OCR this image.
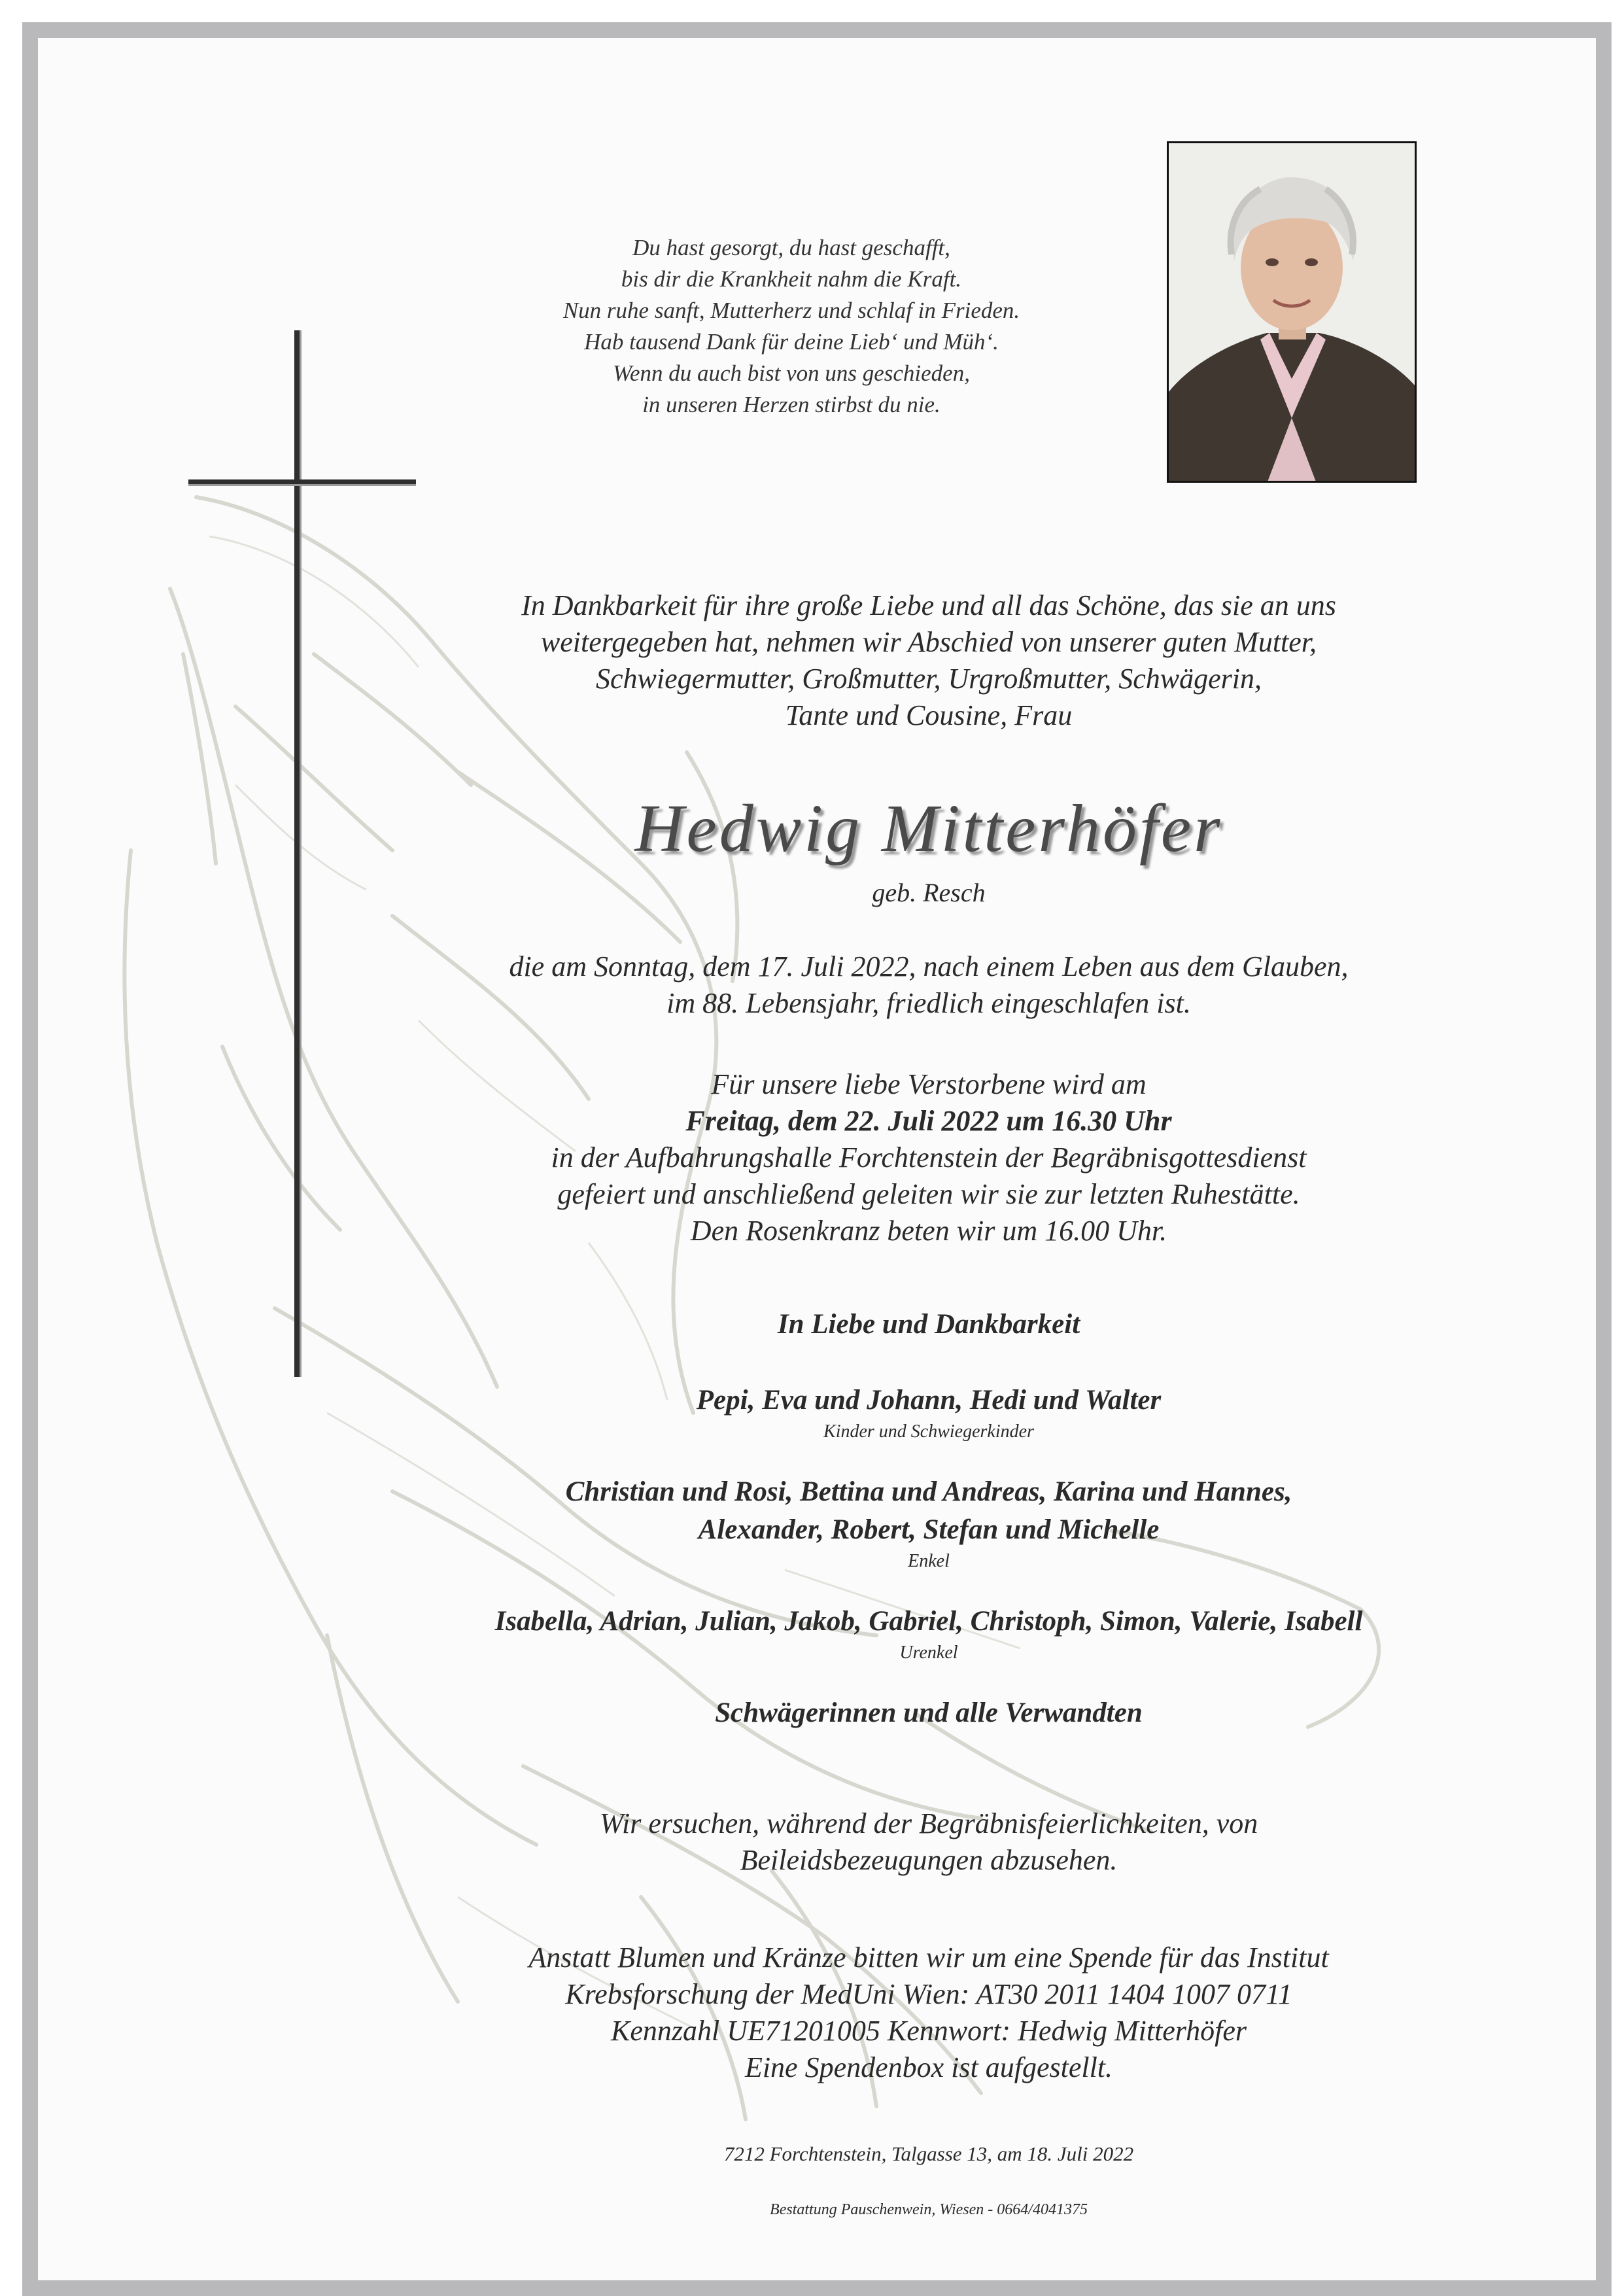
Du hast gesorgt, du hast geschafft,
bis dir die Krankheit nahm die Kraft.
Nun ruhe sanft, Mutterherz und schlaf in Frieden.
Hab tausend Dank für deine Lieb‘ und Müh‘.
Wenn du auch bist von uns geschieden,
in unseren Herzen stirbst du nie.
In Dankbarkeit für ihre große Liebe und all das Schöne, das sie an uns
weitergegeben hat, nehmen wir Abschied von unserer guten Mutter,
Schwiegermutter, Großmutter, Urgroßmutter, Schwägerin,
Tante und Cousine, Frau
Hedwig Mitterhöfer
geb. Resch
die am Sonntag, dem 17. Juli 2022, nach einem Leben aus dem Glauben,
im 88. Lebensjahr, friedlich eingeschlafen ist.
Für unsere liebe Verstorbene wird am
Freitag, dem 22. Juli 2022 um 16.30 Uhr
in der Aufbahrungshalle Forchtenstein der Begräbnisgottesdienst
gefeiert und anschließend geleiten wir sie zur letzten Ruhestätte.
Den Rosenkranz beten wir um 16.00 Uhr.
In Liebe und Dankbarkeit
Pepi, Eva und Johann, Hedi und Walter
Kinder und Schwiegerkinder
Christian und Rosi, Bettina und Andreas, Karina und Hannes,
Alexander, Robert, Stefan und Michelle
Enkel
Isabella, Adrian, Julian, Jakob, Gabriel, Christoph, Simon, Valerie, Isabell
Urenkel
Schwägerinnen und alle Verwandten
Wir ersuchen, während der Begräbnisfeierlichkeiten, von
Beileidsbezeugungen abzusehen.
Anstatt Blumen und Kränze bitten wir um eine Spende für das Institut
Krebsforschung der MedUni Wien: AT30 2011 1404 1007 0711
Kennzahl UE71201005 Kennwort: Hedwig Mitterhöfer
Eine Spendenbox ist aufgestellt.
7212 Forchtenstein, Talgasse 13, am 18. Juli 2022
Bestattung Pauschenwein, Wiesen - 0664/4041375
